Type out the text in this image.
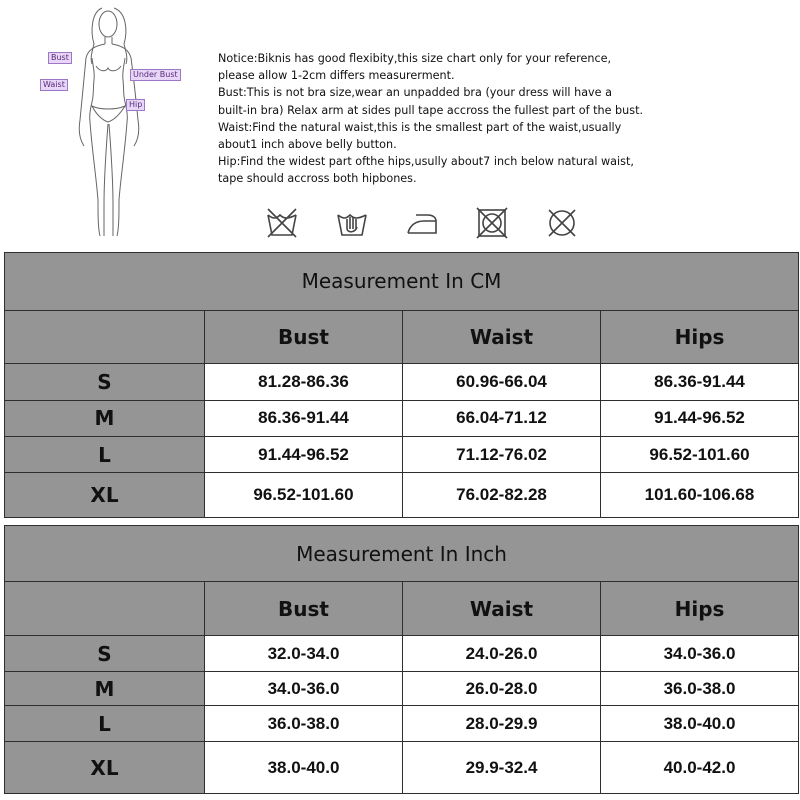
Bust
Waist
Under Bust
Hip
Notice:Biknis has good flexibity,this size chart only for your reference,
please allow 1-2cm differs measurerment.
Bust:This is not bra size,wear an unpadded bra (your dress will have a
built-in bra) Relax arm at sides pull tape accross the fullest part of the bust.
Waist:Find the natural waist,this is the smallest part of the waist,usually
about1 inch above belly button.
Hip:Find the widest part ofthe hips,usully about7 inch below natural waist,
tape should accross both hipbones.
Measurement In CM			
	Bust	Waist	Hips
S	81.28-86.36	60.96-66.04	86.36-91.44
M	86.36-91.44	66.04-71.12	91.44-96.52
L	91.44-96.52	71.12-76.02	96.52-101.60
XL	96.52-101.60	76.02-82.28	101.60-106.68
Measurement In Inch			
	Bust	Waist	Hips
S	32.0-34.0	24.0-26.0	34.0-36.0
M	34.0-36.0	26.0-28.0	36.0-38.0
L	36.0-38.0	28.0-29.9	38.0-40.0
XL	38.0-40.0	29.9-32.4	40.0-42.0
